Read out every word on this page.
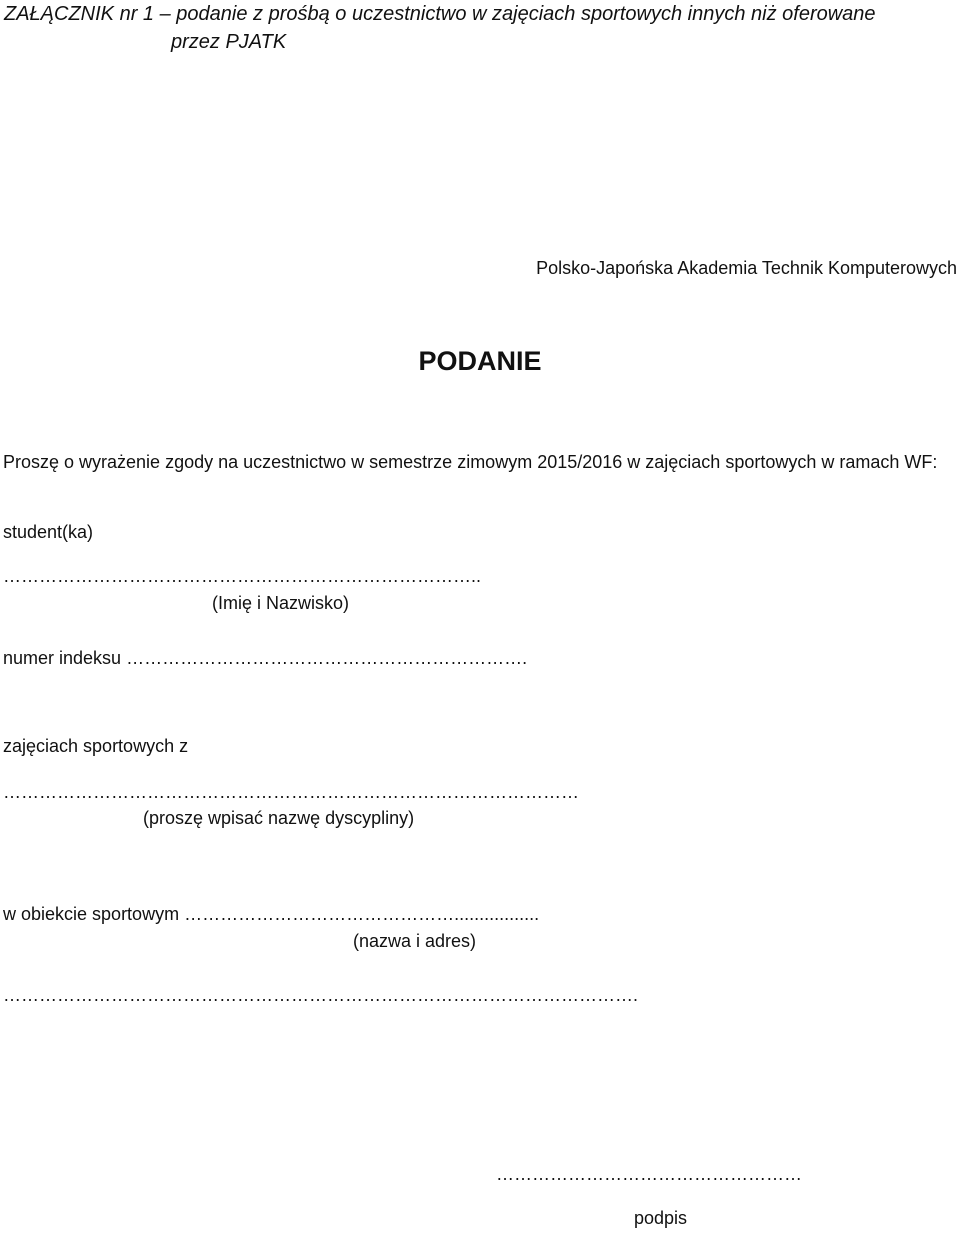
ZAŁĄCZNIK nr 1 – podanie z prośbą o uczestnictwo w zajęciach sportowych innych niż oferowane
przez PJATK
Polsko-Japońska Akademia Technik Komputerowych
PODANIE
Proszę o wyrażenie zgody na uczestnictwo w semestrze zimowym 2015/2016 w zajęciach sportowych w ramach WF:
student(ka)
……………………………………………………………………..
(Imię i Nazwisko)
numer indeksu ………………………………………………………….
zajęciach sportowych z
……………………………………………………………………………………
(proszę wpisać nazwę dyscypliny)
w obiekcie sportowym ……………………………………….................
(nazwa i adres)
…………………………………………………………………………………………….
……………………………………………
podpis
